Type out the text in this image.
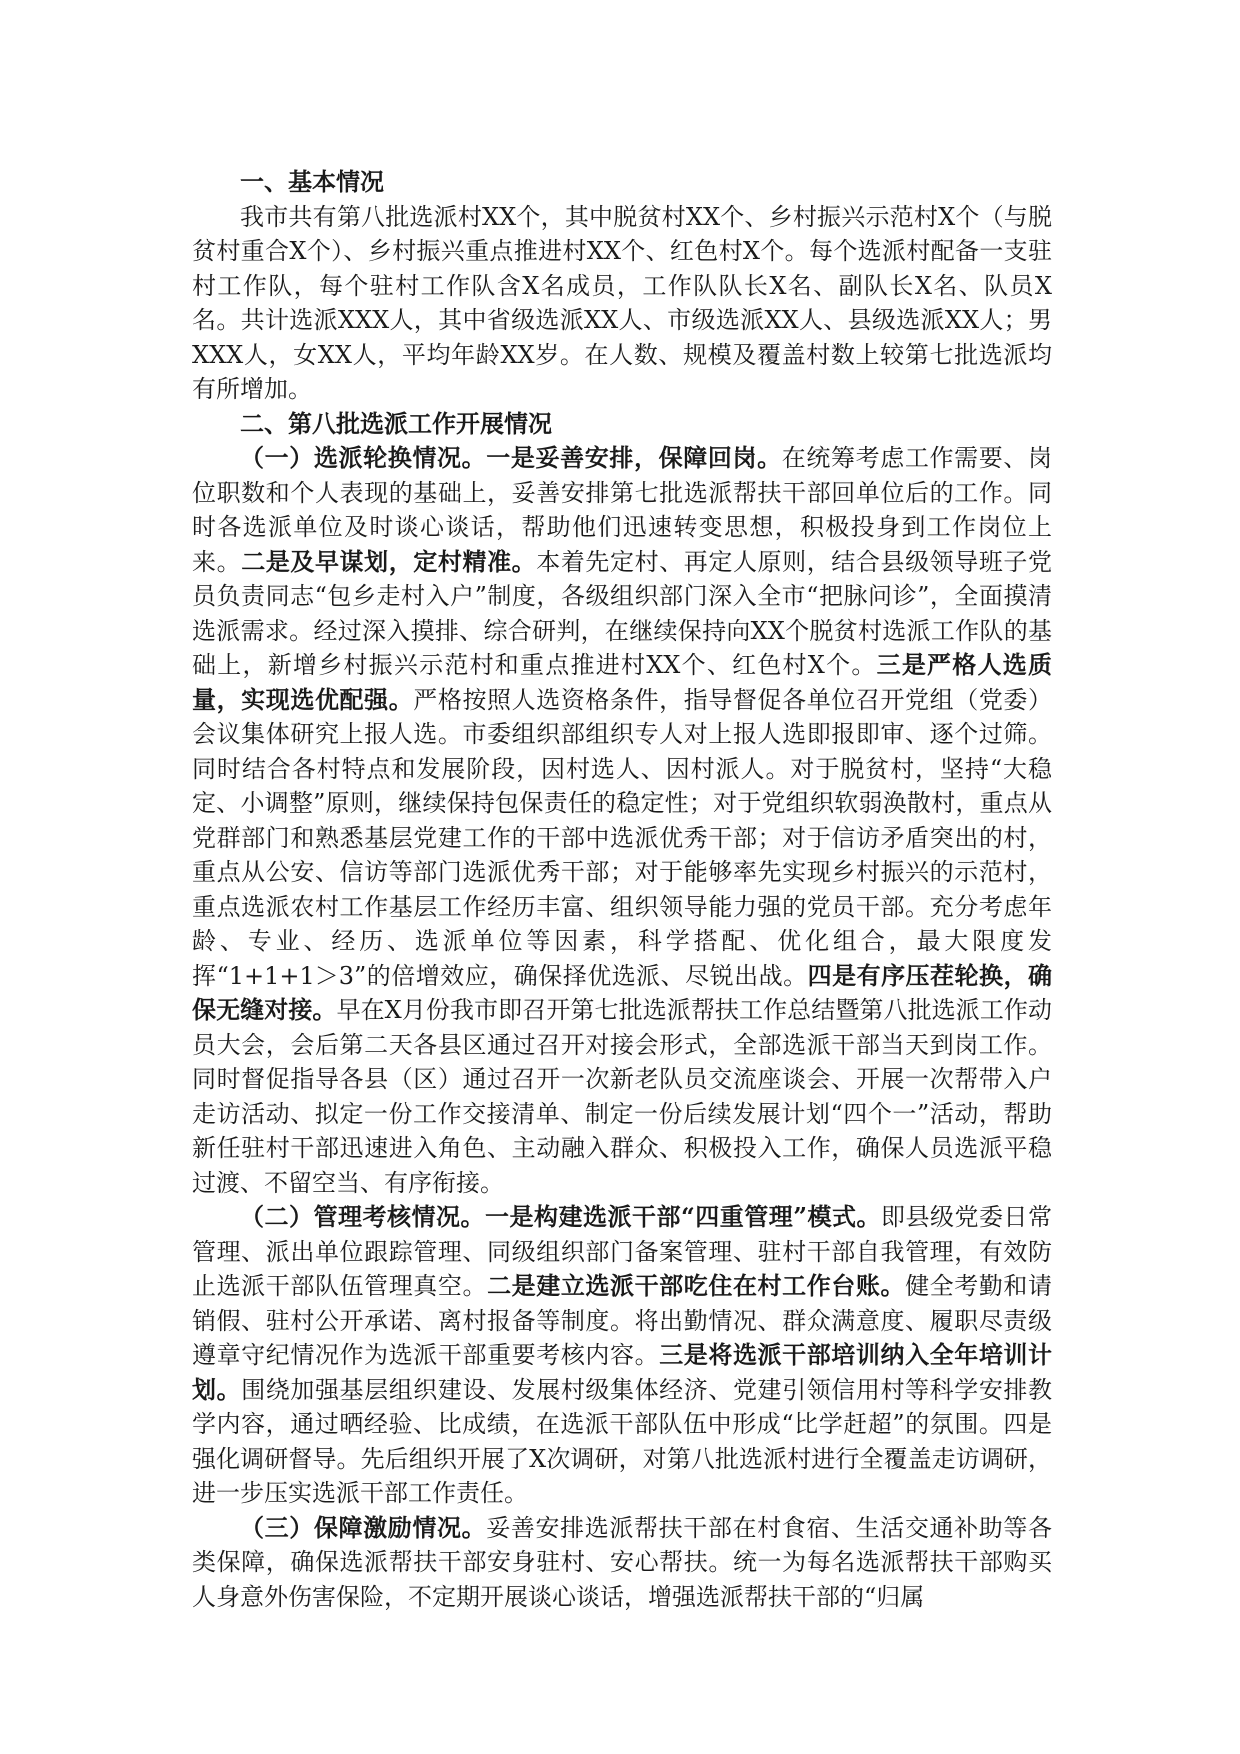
一、基本情况

我市共有第八批选派村XX个，其中脱贫村XX个、乡村振兴示范村X个（与脱贫村重合X个）、乡村振兴重点推进村XX个、红色村X个。每个选派村配备一支驻村工作队，每个驻村工作队含X名成员，工作队队长X名、副队长X名、队员X名。共计选派XXX人，其中省级选派XX人、市级选派XX人、县级选派XX人；男XXX人，女XX人，平均年龄XX岁。在人数、规模及覆盖村数上较第七批选派均有所增加。

二、第八批选派工作开展情况

（一）选派轮换情况。一是妥善安排，保障回岗。在统筹考虑工作需要、岗位职数和个人表现的基础上，妥善安排第七批选派帮扶干部回单位后的工作。同时各选派单位及时谈心谈话，帮助他们迅速转变思想，积极投身到工作岗位上来。二是及早谋划，定村精准。本着先定村、再定人原则，结合县级领导班子党员负责同志“包乡走村入户”制度，各级组织部门深入全市“把脉问诊”，全面摸清选派需求。经过深入摸排、综合研判，在继续保持向XX个脱贫村选派工作队的基础上，新增乡村振兴示范村和重点推进村XX个、红色村X个。三是严格人选质量，实现选优配强。严格按照人选资格条件，指导督促各单位召开党组（党委）会议集体研究上报人选。市委组织部组织专人对上报人选即报即审、逐个过筛。同时结合各村特点和发展阶段，因村选人、因村派人。对于脱贫村，坚持“大稳定、小调整”原则，继续保持包保责任的稳定性；对于党组织软弱涣散村，重点从党群部门和熟悉基层党建工作的干部中选派优秀干部；对于信访矛盾突出的村，重点从公安、信访等部门选派优秀干部；对于能够率先实现乡村振兴的示范村，重点选派农村工作基层工作经历丰富、组织领导能力强的党员干部。充分考虑年龄、专业、经历、选派单位等因素，科学搭配、优化组合，最大限度发挥“1+1+1＞3”的倍增效应，确保择优选派、尽锐出战。四是有序压茬轮换，确保无缝对接。早在X月份我市即召开第七批选派帮扶工作总结暨第八批选派工作动员大会，会后第二天各县区通过召开对接会形式，全部选派干部当天到岗工作。同时督促指导各县（区）通过召开一次新老队员交流座谈会、开展一次帮带入户走访活动、拟定一份工作交接清单、制定一份后续发展计划“四个一”活动，帮助新任驻村干部迅速进入角色、主动融入群众、积极投入工作，确保人员选派平稳过渡、不留空当、有序衔接。

（二）管理考核情况。一是构建选派干部“四重管理”模式。即县级党委日常管理、派出单位跟踪管理、同级组织部门备案管理、驻村干部自我管理，有效防止选派干部队伍管理真空。二是建立选派干部吃住在村工作台账。健全考勤和请销假、驻村公开承诺、离村报备等制度。将出勤情况、群众满意度、履职尽责级遵章守纪情况作为选派干部重要考核内容。三是将选派干部培训纳入全年培训计划。围绕加强基层组织建设、发展村级集体经济、党建引领信用村等科学安排教学内容，通过晒经验、比成绩，在选派干部队伍中形成“比学赶超”的氛围。四是强化调研督导。先后组织开展了X次调研，对第八批选派村进行全覆盖走访调研，进一步压实选派干部工作责任。

（三）保障激励情况。妥善安排选派帮扶干部在村食宿、生活交通补助等各类保障，确保选派帮扶干部安身驻村、安心帮扶。统一为每名选派帮扶干部购买人身意外伤害保险，不定期开展谈心谈话，增强选派帮扶干部的“归属
